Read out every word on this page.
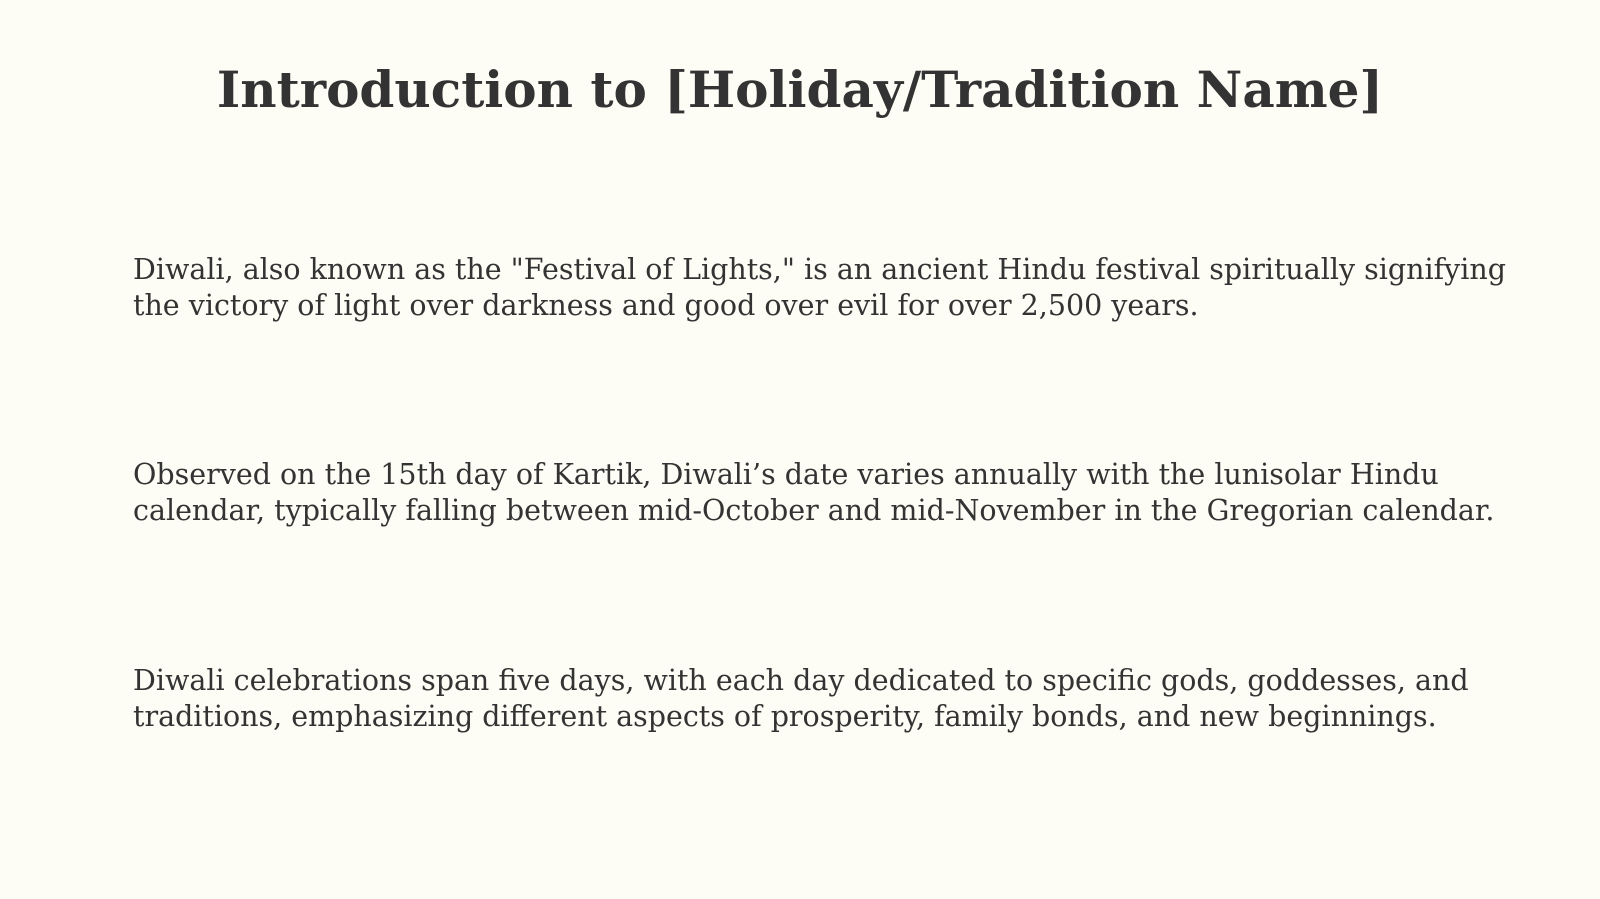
Introduction to [Holiday/Tradition Name]

Diwali, also known as the "Festival of Lights," is an ancient Hindu festival spiritually signifying
the victory of light over darkness and good over evil for over 2,500 years.

Observed on the 15th day of Kartik, Diwali’s date varies annually with the lunisolar Hindu
calendar, typically falling between mid-October and mid-November in the Gregorian calendar.

Diwali celebrations span five days, with each day dedicated to specific gods, goddesses, and
traditions, emphasizing different aspects of prosperity, family bonds, and new beginnings.
